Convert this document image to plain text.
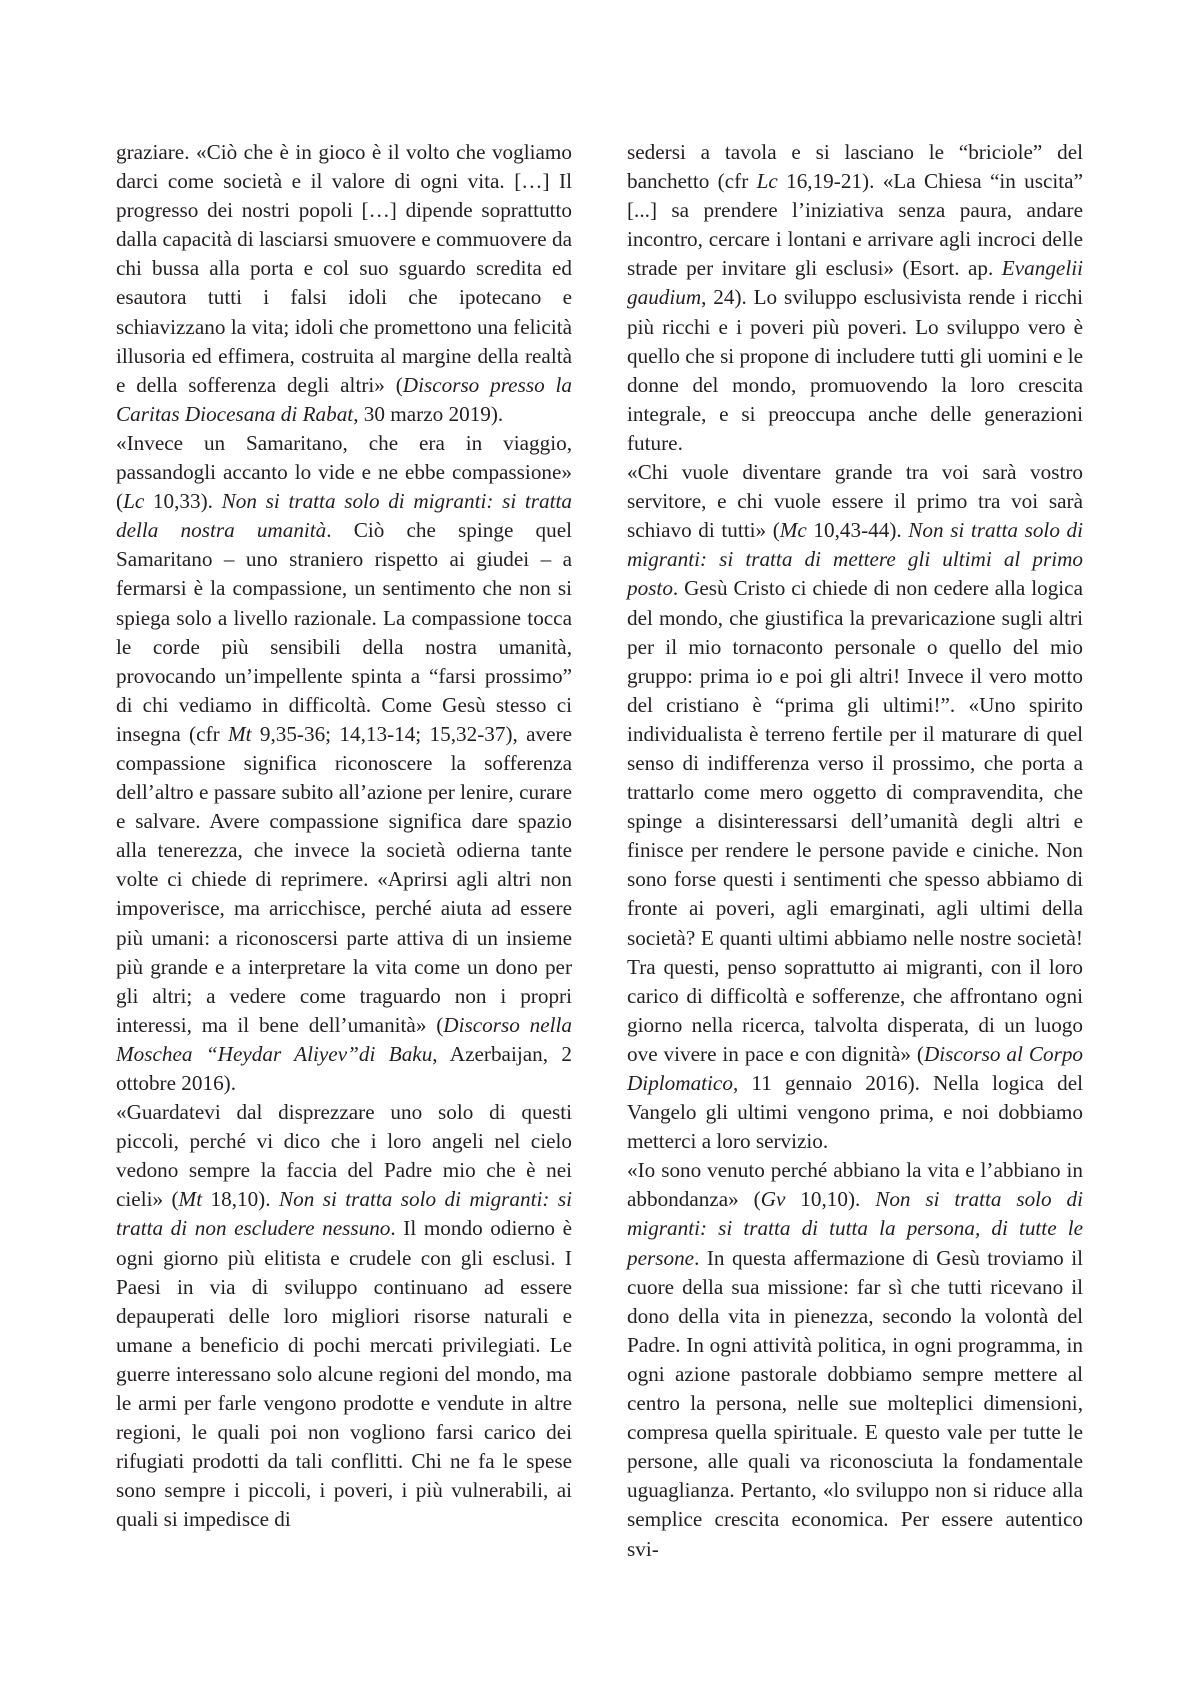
graziare. «Ciò che è in gioco è il volto che vogliamo darci come società e il valore di ogni vita. […] Il progresso dei nostri popoli […] dipende soprattutto dalla capacità di lasciarsi smuovere e commuovere da chi bussa alla porta e col suo sguardo scredita ed esautora tutti i falsi idoli che ipotecano e schiavizzano la vita; idoli che promettono una felicità illusoria ed effimera, costruita al margine della realtà e della sofferenza degli altri» (Discorso presso la Caritas Diocesana di Rabat, 30 marzo 2019).

«Invece un Samaritano, che era in viaggio, passandogli accanto lo vide e ne ebbe compassione» (Lc 10,33). Non si tratta solo di migranti: si tratta della nostra umanità. Ciò che spinge quel Samaritano – uno straniero rispetto ai giudei – a fermarsi è la compassione, un sentimento che non si spiega solo a livello razionale. La compassione tocca le corde più sensibili della nostra umanità, provocando un’impellente spinta a “farsi prossimo” di chi vediamo in difficoltà. Come Gesù stesso ci insegna (cfr Mt 9,35-36; 14,13-14; 15,32-37), avere compassione significa riconoscere la sofferenza dell’altro e passare subito all’azione per lenire, curare e salvare. Avere compassione significa dare spazio alla tenerezza, che invece la società odierna tante volte ci chiede di reprimere. «Aprirsi agli altri non impoverisce, ma arricchisce, perché aiuta ad essere più umani: a riconoscersi parte attiva di un insieme più grande e a interpretare la vita come un dono per gli altri; a vedere come traguardo non i propri interessi, ma il bene dell’umanità» (Discorso nella Moschea “Heydar Aliyev”di Baku, Azerbaijan, 2 ottobre 2016).

«Guardatevi dal disprezzare uno solo di questi piccoli, perché vi dico che i loro angeli nel cielo vedono sempre la faccia del Padre mio che è nei cieli» (Mt 18,10). Non si tratta solo di migranti: si tratta di non escludere nessuno. Il mondo odierno è ogni giorno più elitista e crudele con gli esclusi. I Paesi in via di sviluppo continuano ad essere depauperati delle loro migliori risorse naturali e umane a beneficio di pochi mercati privilegiati. Le guerre interessano solo alcune regioni del mondo, ma le armi per farle vengono prodotte e vendute in altre regioni, le quali poi non vogliono farsi carico dei rifugiati prodotti da tali conflitti. Chi ne fa le spese sono sempre i piccoli, i poveri, i più vulnerabili, ai quali si impedisce di

sedersi a tavola e si lasciano le “briciole” del banchetto (cfr Lc 16,19-21). «La Chiesa “in uscita” [...] sa prendere l’iniziativa senza paura, andare incontro, cercare i lontani e arrivare agli incroci delle strade per invitare gli esclusi» (Esort. ap. Evangelii gaudium, 24). Lo sviluppo esclusivista rende i ricchi più ricchi e i poveri più poveri. Lo sviluppo vero è quello che si propone di includere tutti gli uomini e le donne del mondo, promuovendo la loro crescita integrale, e si preoccupa anche delle generazioni future.

«Chi vuole diventare grande tra voi sarà vostro servitore, e chi vuole essere il primo tra voi sarà schiavo di tutti» (Mc 10,43-44). Non si tratta solo di migranti: si tratta di mettere gli ultimi al primo posto. Gesù Cristo ci chiede di non cedere alla logica del mondo, che giustifica la prevaricazione sugli altri per il mio tornaconto personale o quello del mio gruppo: prima io e poi gli altri! Invece il vero motto del cristiano è “prima gli ultimi!”. «Uno spirito individualista è terreno fertile per il maturare di quel senso di indifferenza verso il prossimo, che porta a trattarlo come mero oggetto di compravendita, che spinge a disinteressarsi dell’umanità degli altri e finisce per rendere le persone pavide e ciniche. Non sono forse questi i sentimenti che spesso abbiamo di fronte ai poveri, agli emarginati, agli ultimi della società? E quanti ultimi abbiamo nelle nostre società! Tra questi, penso soprattutto ai migranti, con il loro carico di difficoltà e sofferenze, che affrontano ogni giorno nella ricerca, talvolta disperata, di un luogo ove vivere in pace e con dignità» (Discorso al Corpo Diplomatico, 11 gennaio 2016). Nella logica del Vangelo gli ultimi vengono prima, e noi dobbiamo metterci a loro servizio.

«Io sono venuto perché abbiano la vita e l’abbiano in abbondanza» (Gv 10,10). Non si tratta solo di migranti: si tratta di tutta la persona, di tutte le persone. In questa affermazione di Gesù troviamo il cuore della sua missione: far sì che tutti ricevano il dono della vita in pienezza, secondo la volontà del Padre. In ogni attività politica, in ogni programma, in ogni azione pastorale dobbiamo sempre mettere al centro la persona, nelle sue molteplici dimensioni, compresa quella spirituale. E questo vale per tutte le persone, alle quali va riconosciuta la fondamentale uguaglianza. Pertanto, «lo sviluppo non si riduce alla semplice crescita economica. Per essere autentico svi-
